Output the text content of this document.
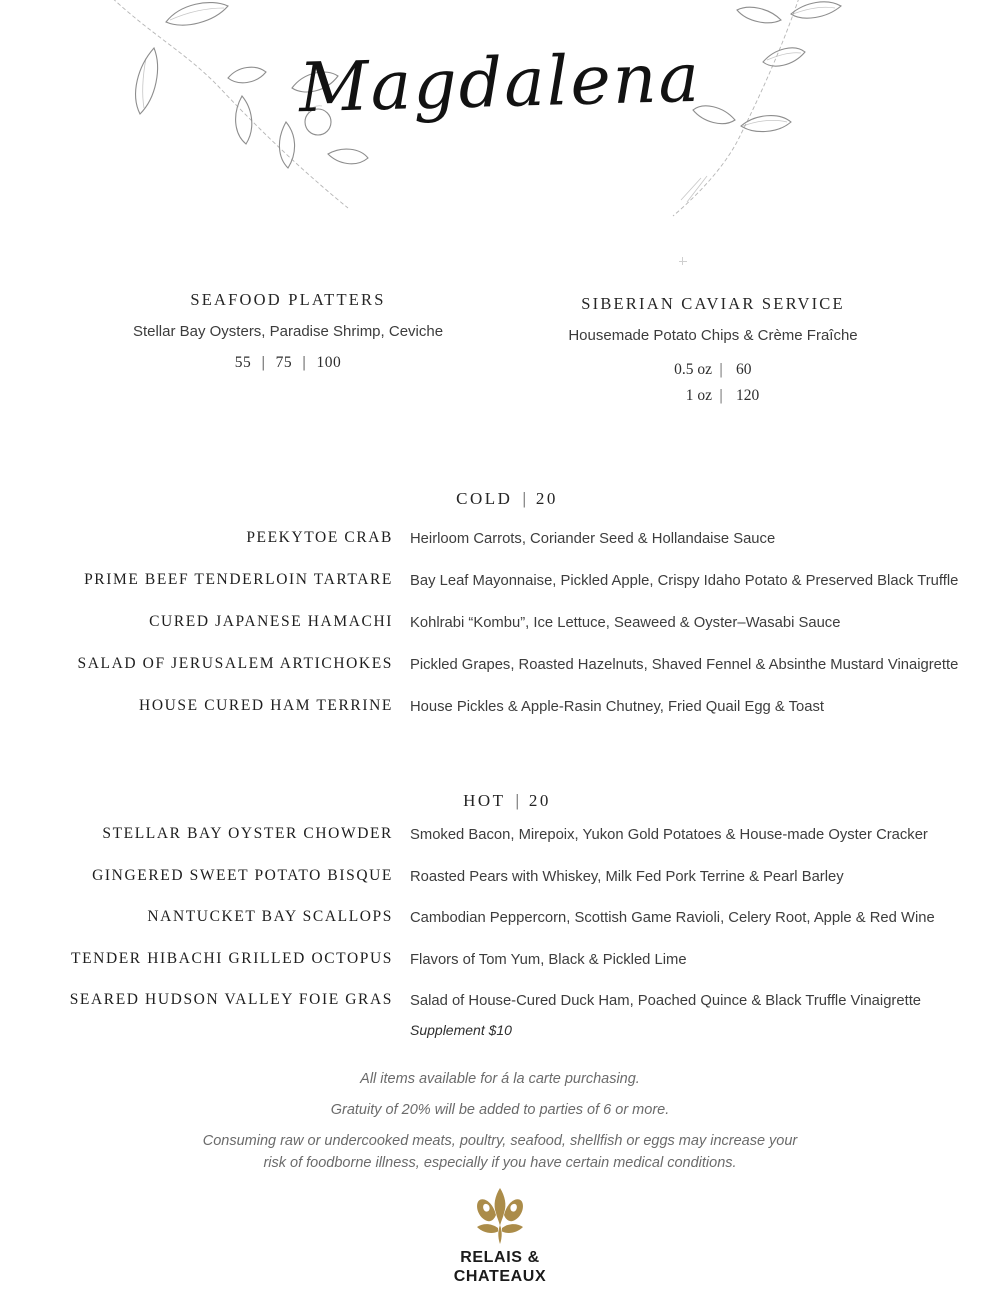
Magdalena
SEAFOOD PLATTERS
Stellar Bay Oysters, Paradise Shrimp, Ceviche
55 | 75 | 100
SIBERIAN CAVIAR SERVICE
Housemade Potato Chips & Crème Fraîche
0.5 oz | 60
1 oz | 120
COLD | 20
PEEKYTOE CRAB Heirloom Carrots, Coriander Seed & Hollandaise Sauce
PRIME BEEF TENDERLOIN TARTARE Bay Leaf Mayonnaise, Pickled Apple, Crispy Idaho Potato & Preserved Black Truffle
CURED JAPANESE HAMACHI Kohlrabi “Kombu”, Ice Lettuce, Seaweed & Oyster–Wasabi Sauce
SALAD OF JERUSALEM ARTICHOKES Pickled Grapes, Roasted Hazelnuts, Shaved Fennel & Absinthe Mustard Vinaigrette
HOUSE CURED HAM TERRINE House Pickles & Apple-Rasin Chutney, Fried Quail Egg & Toast
HOT | 20
STELLAR BAY OYSTER CHOWDER Smoked Bacon, Mirepoix, Yukon Gold Potatoes & House-made Oyster Cracker
GINGERED SWEET POTATO BISQUE Roasted Pears with Whiskey, Milk Fed Pork Terrine & Pearl Barley
NANTUCKET BAY SCALLOPS Cambodian Peppercorn, Scottish Game Ravioli, Celery Root, Apple & Red Wine
TENDER HIBACHI GRILLED OCTOPUS Flavors of Tom Yum, Black & Pickled Lime
SEARED HUDSON VALLEY FOIE GRAS Salad of House-Cured Duck Ham, Poached Quince & Black Truffle Vinaigrette
Supplement $10
All items available for á la carte purchasing.
Gratuity of 20% will be added to parties of 6 or more.
Consuming raw or undercooked meats, poultry, seafood, shellfish or eggs may increase your risk of foodborne illness, especially if you have certain medical conditions.
RELAIS &
CHATEAUX
